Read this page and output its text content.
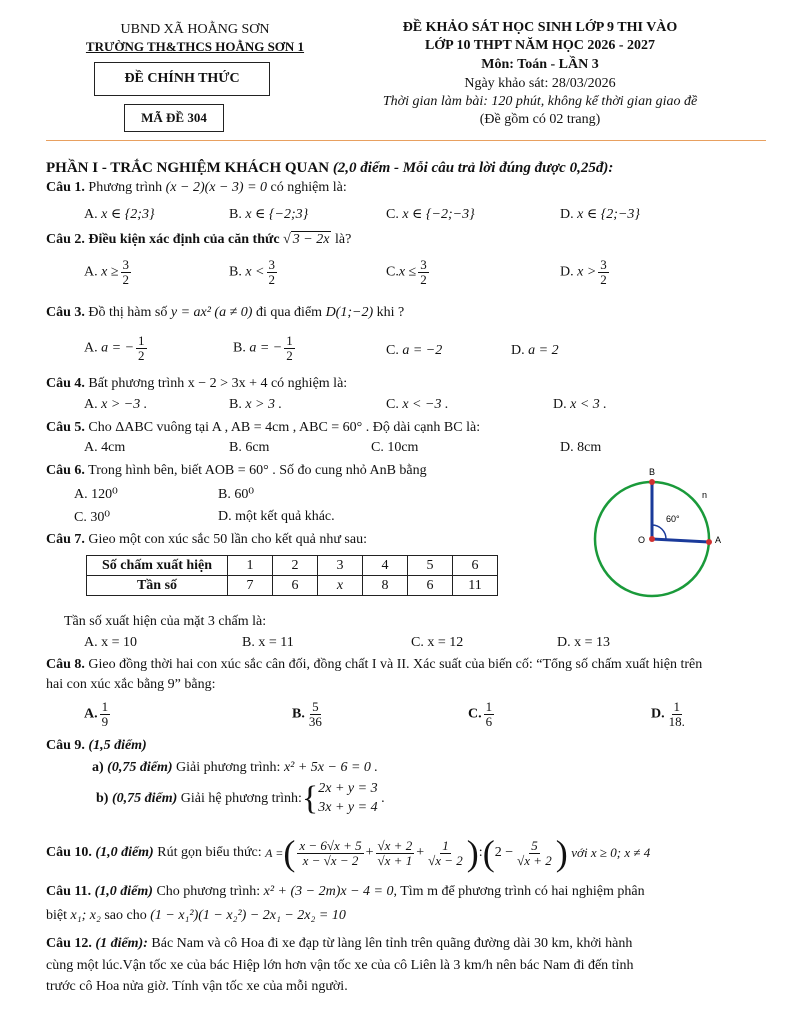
UBND XÃ HOẰNG SƠN
TRƯỜNG TH&THCS HOẰNG SƠN 1
ĐỀ CHÍNH THỨC
MÃ ĐỀ 304
ĐỀ KHẢO SÁT HỌC SINH LỚP 9 THI VÀO
LỚP 10 THPT NĂM HỌC 2026 - 2027
Môn: Toán - LẦN 3
Ngày khảo sát: 28/03/2026
Thời gian làm bài: 120 phút, không kể thời gian giao đề
(Đề gồm có 02 trang)
PHẦN I - TRẮC NGHIỆM KHÁCH QUAN (2,0 điểm - Mỗi câu trả lời đúng được 0,25đ):
Câu 1. Phương trình (x − 2)(x − 3) = 0 có nghiệm là:
A. x ∈ {2;3}	B. x ∈ {−2;3}	C. x ∈ {−2;−3}	D. x ∈ {2;−3}
Câu 2. Điều kiện xác định của căn thức √ 3 − 2x là?
A. $x \ge \frac{3}{2}$	B. $x < \frac{3}{2}$	$C.x \le \frac{3}{2}$	D. $x > \frac{3}{2}$
Câu 3. Đồ thị hàm số y = ax² (a ≠ 0) đi qua điểm D(1;−2) khi ?
A. a = − $\frac{1}{2}$	B. a = − $\frac{1}{2}$	C. a = −2	D. a = 2
Câu 4. Bất phương trình x − 2 > 3x + 4 có nghiệm là:
A. x > −3 .	B. x > 3 .	C. x < −3 .	D. x < 3 .
Câu 5. Cho ΔABC vuông tại A , AB = 4cm , ABC = 60° . Độ dài cạnh BC là:
A. 4cm	B. 6cm	C. 10cm	D. 8cm
Câu 6. Trong hình bên, biết AOB = 60° . Số đo cung nhỏ AnB bằng
A. 120⁰	B. 60⁰
C. 30⁰	D. một kết quả khác.
B
n
O	A
60°
Câu 7. Gieo một con xúc sắc 50 lần cho kết quả như sau:
Số chấm xuất hiện	1	2	3	4	5	6
Tần số	7	6	x	8	6	11
Tần số xuất hiện của mặt 3 chấm là:
A. x = 10	B. x = 11	C. x = 12	D. x = 13
Câu 8. Gieo đồng thời hai con xúc sắc cân đối, đồng chất I và II. Xác suất của biến cố: “Tổng số chấm xuất hiện trên
hai con xúc xắc bằng 9” bằng:
A. $\frac{1}{9}$	B. $\frac{5}{36}$	C. $\frac{1}{6}$	D. $\frac{1}{18.}$
Câu 9. (1,5 điểm)
a) (0,75 điểm) Giải phương trình: x² + 5x − 6 = 0 .
b)
(0,75 điểm)
Giải hệ phương trình: { 2x + y = 3
3x + y = 4
.
Câu 10.
(1,0 điểm)
Rút gọn biểu thức:
A = ( $\frac{x - 6√x + 5}{x - √x - 2} + \frac{√x + 2}{√x + 1} + \frac{1}{√x - 2}$ ) : ( $2 - \frac{5}{√x + 2}$ )
với x ≥ 0; x ≠ 4
Câu 11. (1,0 điểm) Cho phương trình: x² + (3 − 2m)x − 4 = 0, Tìm m để phương trình có hai nghiệm phân
biệt x₁; x₂ sao cho (1 − x₁²)(1 − x₂²) − 2x₁ − 2x₂ = 10
Câu 12. (1 điểm): Bác Nam và cô Hoa đi xe đạp từ làng lên tỉnh trên quãng đường dài 30 km, khởi hành
cùng một lúc.Vận tốc xe của bác Hiệp lớn hơn vận tốc xe của cô Liên là 3 km/h nên bác Nam đi đến tỉnh
trước cô Hoa nửa giờ. Tính vận tốc xe của mỗi người.
